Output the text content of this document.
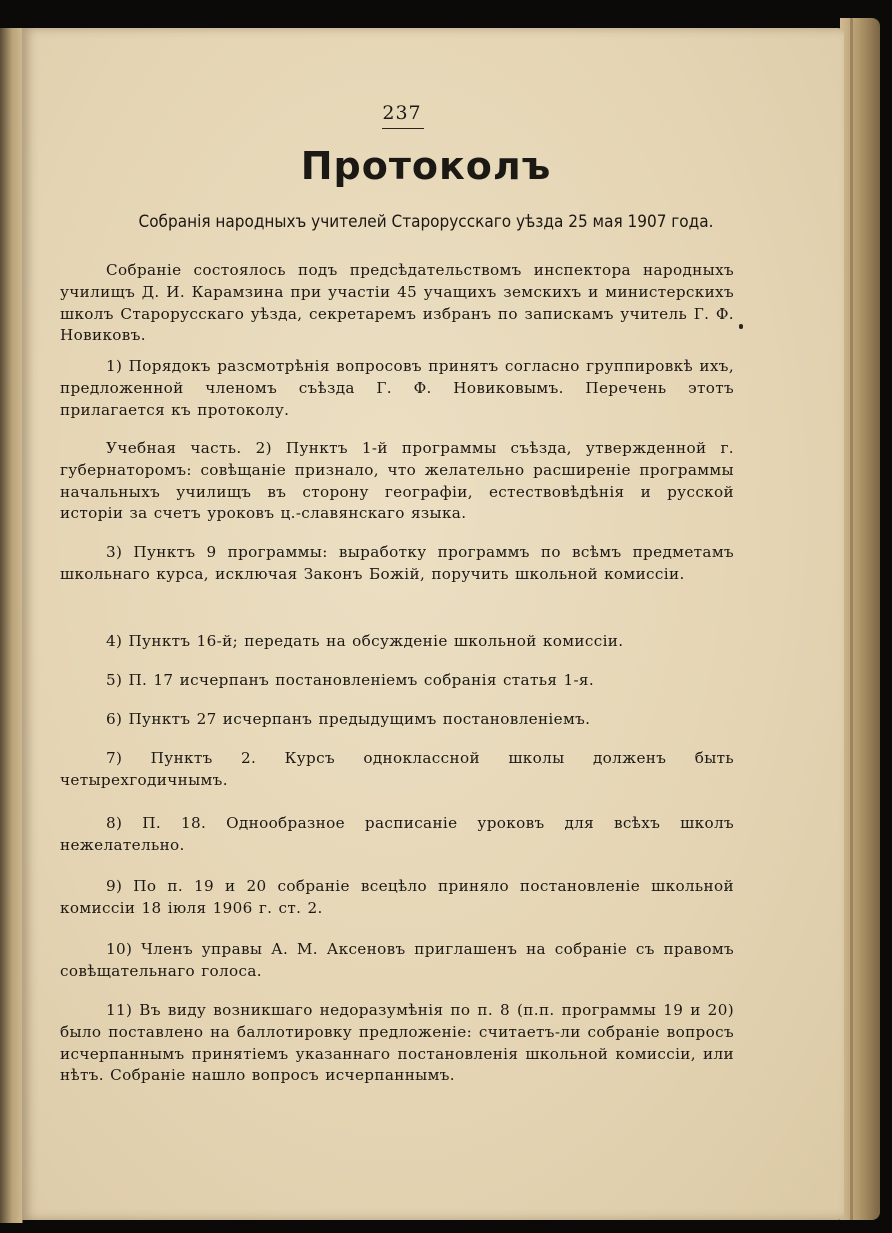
237
Протоколъ
Собранія народныхъ учителей Старорусскаго уѣзда 25 мая 1907 года.

Собраніе состоялось подъ предсѣдательствомъ инспектора народныхъ училищъ Д. И. Карамзина при участіи 45 учащихъ земскихъ и министерскихъ школъ Старорусскаго уѣзда, секретаремъ избранъ по запискамъ учитель Г. Ф. Новиковъ.

1) Порядокъ разсмотрѣнія вопросовъ принятъ согласно группировкѣ ихъ, предложенной членомъ съѣзда Г. Ф. Новиковымъ. Перечень этотъ прилагается къ протоколу.

Учебная часть. 2) Пунктъ 1-й программы съѣзда, утвержденной г. губернаторомъ: совѣщаніе признало, что желательно расширеніе программы начальныхъ училищъ въ сторону географіи, естествовѣдѣнія и русской исторіи за счетъ уроковъ ц.-славянскаго языка.

3) Пунктъ 9 программы: выработку программъ по всѣмъ предметамъ школьнаго курса, исключая Законъ Божій, поручить школьной комиссіи.

4) Пунктъ 16-й; передать на обсужденіе школьной комиссіи.

5) П. 17 исчерпанъ постановленіемъ собранія статья 1-я.

6) Пунктъ 27 исчерпанъ предыдущимъ постановленіемъ.

7) Пунктъ 2. Курсъ одноклассной школы долженъ быть четырехгодичнымъ.

8) П. 18. Однообразное расписаніе уроковъ для всѣхъ школъ нежелательно.

9) По п. 19 и 20 собраніе всецѣло приняло постановленіе школьной комиссіи 18 іюля 1906 г. ст. 2.

10) Членъ управы А. М. Аксеновъ приглашенъ на собраніе съ правомъ совѣщательнаго голоса.

11) Въ виду возникшаго недоразумѣнія по п. 8 (п.п. программы 19 и 20) было поставлено на баллотировку предложеніе: считаетъ-ли собраніе вопросъ исчерпаннымъ принятіемъ указаннаго постановленія школьной комиссіи, или нѣтъ. Собраніе нашло вопросъ исчерпаннымъ.
